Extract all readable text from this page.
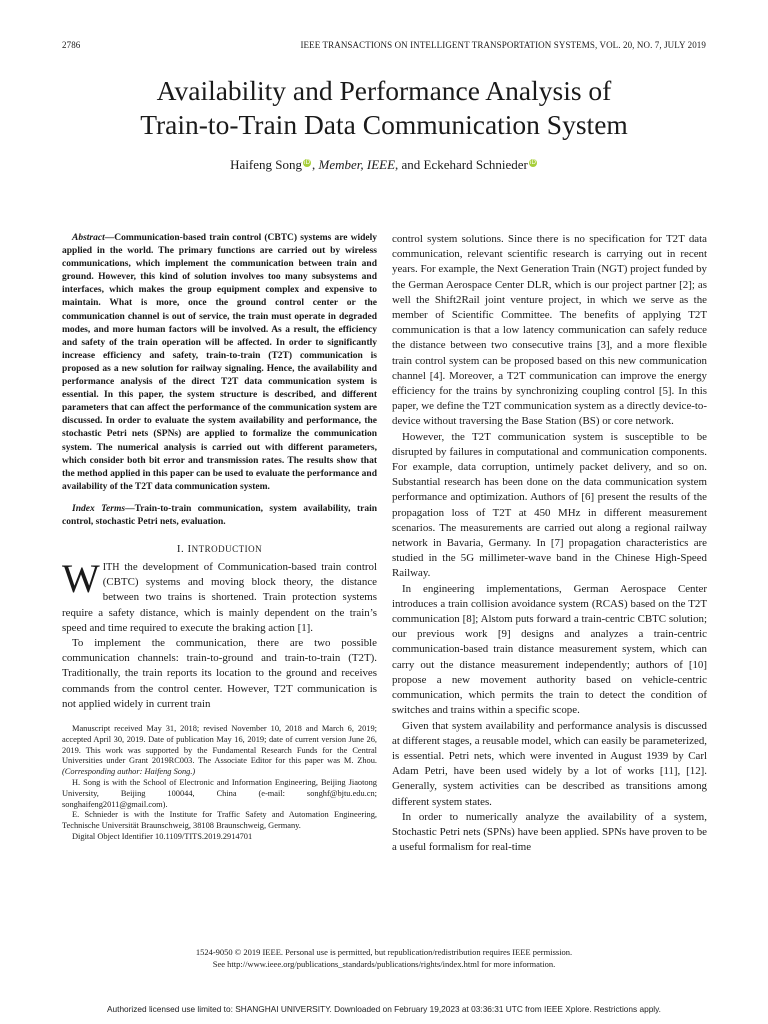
2786	IEEE TRANSACTIONS ON INTELLIGENT TRANSPORTATION SYSTEMS, VOL. 20, NO. 7, JULY 2019
Availability and Performance Analysis of
Train-to-Train Data Communication System
Haifeng Song iD , Member, IEEE, and Eckehard Schnieder iD

Abstract—Communication-based train control (CBTC) systems are widely applied in the world. The primary functions are carried out by wireless communications, which implement the communication between train and ground. However, this kind of solution involves too many subsystems and interfaces, which makes the group equipment complex and expensive to maintain. What is more, once the ground control center or the communication channel is out of service, the train must operate in degraded modes, and more human factors will be involved. As a result, the efficiency and safety of the train operation will be affected. In order to significantly increase efficiency and safety, train-to-train (T2T) communication is proposed as a new solution for railway signaling. Hence, the availability and performance analysis of the direct T2T data communication system is essential. In this paper, the system structure is described, and different parameters that can affect the performance of the communication system are discussed. In order to evaluate the system availability and performance, the stochastic Petri nets (SPNs) are applied to formalize the communication system. The numerical analysis is carried out with different parameters, which consider both bit error and transmission rates. The results show that the method applied in this paper can be used to evaluate the performance and availability of the T2T data communication system.

Index Terms—Train-to-train communication, system availability, train control, stochastic Petri nets, evaluation.
I. INTRODUCTION

WITH the development of Communication-based train control (CBTC) systems and moving block theory, the distance between two trains is shortened. Train protection systems require a safety distance, which is mainly dependent on the train’s speed and time required to execute the braking action [1].

To implement the communication, there are two possible communication channels: train-to-ground and train-to-train (T2T). Traditionally, the train reports its location to the ground and receives commands from the control center. However, T2T communication is not applied widely in current train

Manuscript received May 31, 2018; revised November 10, 2018 and March 6, 2019; accepted April 30, 2019. Date of publication May 16, 2019; date of current version June 26, 2019. This work was supported by the Fundamental Research Funds for the Central Universities under Grant 2019RC003. The Associate Editor for this paper was M. Zhou. (Corresponding author: Haifeng Song.)

H. Song is with the School of Electronic and Information Engineering, Beijing Jiaotong University, Beijing 100044, China (e-mail: songhf@bjtu.edu.cn; songhaifeng2011@gmail.com).

E. Schnieder is with the Institute for Traffic Safety and Automation Engineering, Technische Universität Braunschweig, 38108 Braunschweig, Germany.

Digital Object Identifier 10.1109/TITS.2019.2914701

control system solutions. Since there is no specification for T2T data communication, relevant scientific research is carrying out in recent years. For example, the Next Generation Train (NGT) project funded by the German Aerospace Center DLR, which is our project partner [2]; as well the Shift2Rail joint venture project, in which we serve as the member of Scientific Committee. The benefits of applying T2T communication is that a low latency communication can safely reduce the distance between two consecutive trains [3], and a more flexible train control system can be proposed based on this new communication channel [4]. Moreover, a T2T communication can improve the energy efficiency for the trains by synchronizing coupling control [5]. In this paper, we define the T2T communication system as a directly device-to-device without traversing the Base Station (BS) or core network.

However, the T2T communication system is susceptible to be disrupted by failures in computational and communication components. For example, data corruption, untimely packet delivery, and so on. Substantial research has been done on the data communication system performance and optimization. Authors of [6] present the results of the propagation loss of T2T at 450 MHz in different measurement scenarios. The measurements are carried out along a regional railway network in Bavaria, Germany. In [7] propagation characteristics are studied in the 5G millimeter-wave band in the Chinese High-Speed Railway.

In engineering implementations, German Aerospace Center introduces a train collision avoidance system (RCAS) based on the T2T communication [8]; Alstom puts forward a train-centric CBTC solution; our previous work [9] designs and analyzes a train-centric communication-based train distance measurement system, which can carry out the distance measurement independently; authors of [10] propose a new movement authority based on vehicle-centric communication, which permits the train to detect the condition of switches and trains within a specific scope.

Given that system availability and performance analysis is discussed at different stages, a reusable model, which can easily be parameterized, is essential. Petri nets, which were invented in August 1939 by Carl Adam Petri, have been used widely by a lot of works [11], [12]. Generally, system activities can be described as transitions among different system states.

In order to numerically analyze the availability of a system, Stochastic Petri nets (SPNs) have been applied. SPNs have proven to be a useful formalism for real-time

1524-9050 © 2019 IEEE. Personal use is permitted, but republication/redistribution requires IEEE permission.
See http://www.ieee.org/publications_standards/publications/rights/index.html for more information.
Authorized licensed use limited to: SHANGHAI UNIVERSITY. Downloaded on February 19,2023 at 03:36:31 UTC from IEEE Xplore. Restrictions apply.
